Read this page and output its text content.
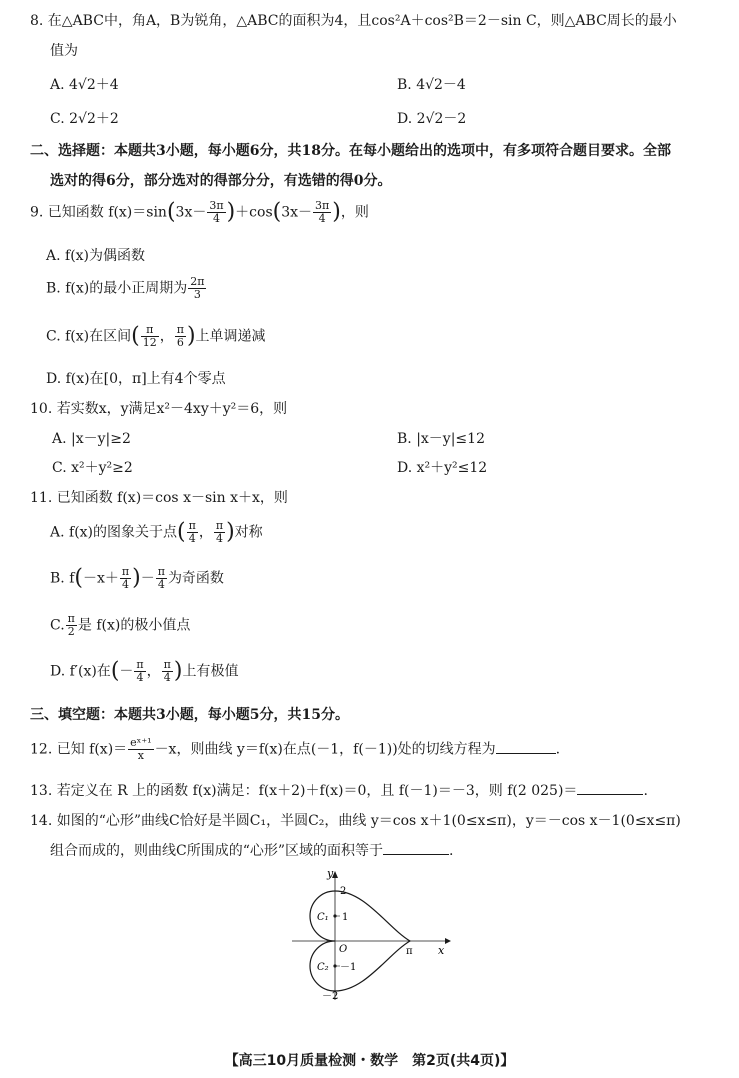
8. 在△ABC中，角A，B为锐角，△ABC的面积为4，且cos²A＋cos²B＝2－sin C，则△ABC周长的最小
值为
A. 4√2＋4	B. 4√2－4
C. 2√2＋2	D. 2√2－2
二、选择题：本题共3小题，每小题6分，共18分。在每小题给出的选项中，有多项符合题目要求。全部
选对的得6分，部分选对的得部分分，有选错的得0分。
9. 已知函数 $f(x)=\sin(3x- \frac{3\pi}{4} )+\cos(3x- \frac{3\pi}{4}$ )，则
A. f(x)为偶函数
B. f(x)的最小正周期为 $\frac{2\pi}{3}$
C. f(x)在区间( $\frac{\pi}{12}$ ， $\frac{\pi}{6}$ )上单调递减
D. f(x)在[0，π]上有4个零点
10. 若实数x，y满足x²－4xy＋y²＝6，则
A. |x－y|≥2	B. |x－y|≤12
C. x²＋y²≥2	D. x²＋y²≤12
11. 已知函数 f(x)＝cos x－sin x＋x，则
A. f(x)的图象关于点( $\frac{\pi}{4}$ ， $\frac{\pi}{4}$ )对称
B. $f(-x+ \frac{\pi}{4}$ )－ $\frac{\pi}{4}$ 为奇函数
C. $\frac{\pi}{2}$ 是 f(x)的极小值点
D. f′(x)在(－ $\frac{\pi}{4}$ ， $\frac{\pi}{4}$ )上有极值
三、填空题：本题共3小题，每小题5分，共15分。
12. 已知 $f(x)= \frac{\text{eˣ⁺¹}}{x} -x$，则曲线 y＝f(x)在点(－1，f(－1))处的切线方程为	.
13. 若定义在 R 上的函数 f(x)满足：f(x＋2)＋f(x)＝0，且 f(－1)＝－3，则 f(2 025)＝	.
14. 如图的“心形”曲线C恰好是半圆C₁，半圆C₂，曲线 y＝cos x＋1(0≤x≤π)，y＝－cos x－1(0≤x≤π)
组合而成的，则曲线C所围成的“心形”区域的面积等于	.
y
x
O
2
1
－1
－2
π
C₁
C₂
【高三10月质量检测・数学　第2页(共4页)】
